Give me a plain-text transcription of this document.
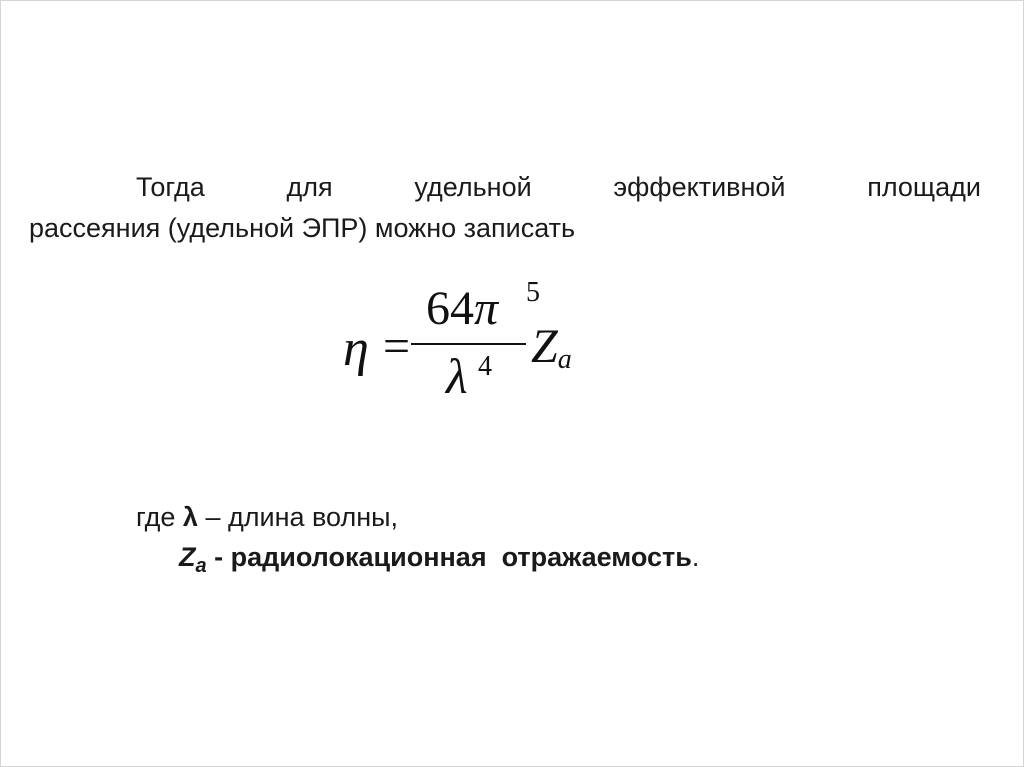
Тогда	для	удельной	эффективной	площади
рассеяния (удельной ЭПР) можно записать
η =
64π 5
λ 4 $Z_a$
где λ – длина волны,
$Z_a$ - радиолокационная  отражаемость.
